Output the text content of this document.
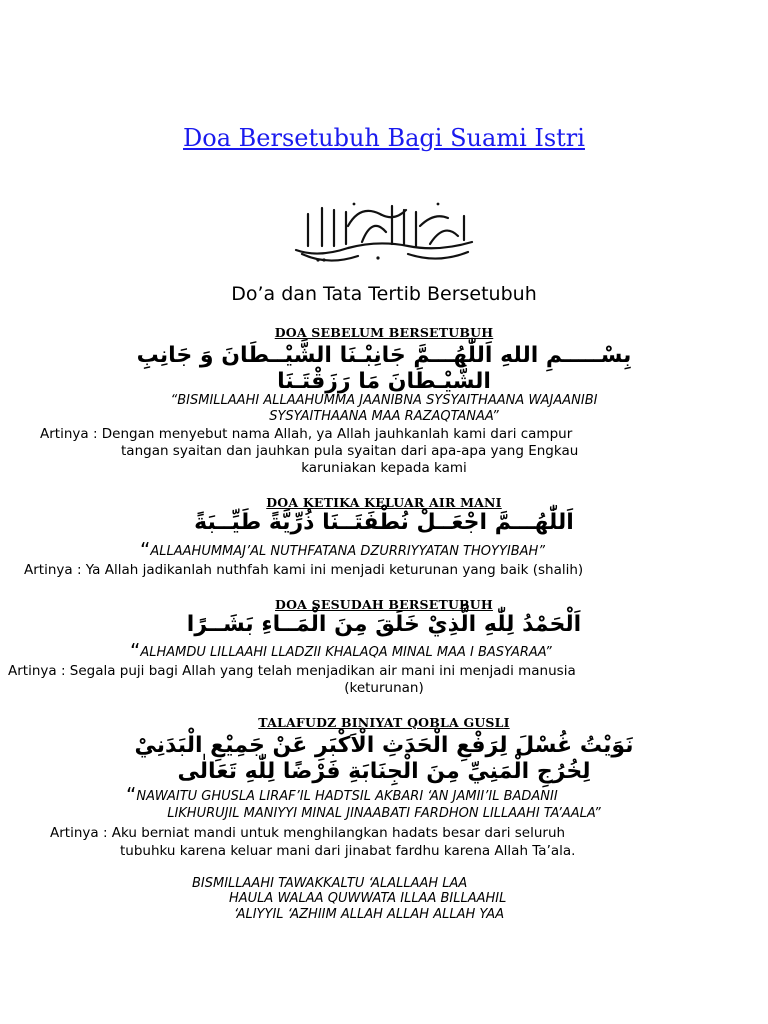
Doa Bersetubuh Bagi Suami Istri
Do’a dan Tata Tertib Bersetubuh
DOA SEBELUM BERSETUBUH
بِسْـــــمِ اللهِ اَللّٰهُـــمَّ جَانِبْـنَا الشَّيْــطَانَ وَ جَانِبِ
الشَّيْـطَانَ مَا رَزَقْتَـنَا
“BISMILLAAHI ALLAAHUMMA JAANIBNA SYSYAITHAANA WAJAANIBI
SYSYAITHAANA MAA RAZAQTANAA”
Artinya : Dengan menyebut nama Allah, ya Allah jauhkanlah kami dari campur
tangan syaitan dan jauhkan pula syaitan dari apa-apa yang Engkau
karuniakan kepada kami
DOA KETIKA KELUAR AIR MANI
اَللّٰهُـــمَّ اجْعَــلْ نُطْفَتَــنَا ذُرِّيَّةً طَيِّــبَةً
“ALLAAHUMMAJ’AL NUTHFATANA DZURRIYYATAN THOYYIBAH”
Artinya : Ya Allah jadikanlah nuthfah kami ini menjadi keturunan yang baik (shalih)
DOA SESUDAH BERSETUBUH
اَلْحَمْدُ لِلّٰهِ الَّذِيْ خَلَقَ مِنَ الْمَــاءِ بَشَــرًا
“ALHAMDU LILLAAHI LLADZII KHALAQA MINAL MAA I BASYARAA”
Artinya : Segala puji bagi Allah yang telah menjadikan air mani ini menjadi manusia
(keturunan)
TALAFUDZ BINIYAT QOBLA GUSLI
نَوَيْتُ غُسْلَ لِرَفْعِ الْحَدَثِ الْاَكْبَرِ عَنْ جَمِيْعِ الْبَدَنِيْ
لِخُرُجِ الْمَنِيِّ مِنَ الْجِنَابَةِ فَرْضًا لِلّٰهِ تَعَالٰى
“NAWAITU GHUSLA LIRAF’IL HADTSIL AKBARI ‘AN JAMII’IL BADANII
LIKHURUJIL MANIYYI MINAL JINAABATI FARDHON LILLAAHI TA’AALA”
Artinya : Aku berniat mandi untuk menghilangkan hadats besar dari seluruh
tubuhku karena keluar mani dari jinabat fardhu karena Allah Ta’ala.
BISMILLAAHI TAWAKKALTU ‘ALALLAAH LAA
HAULA WALAA QUWWATA ILLAA BILLAAHIL
‘ALIYYIL ‘AZHIIM ALLAH ALLAH ALLAH YAA
